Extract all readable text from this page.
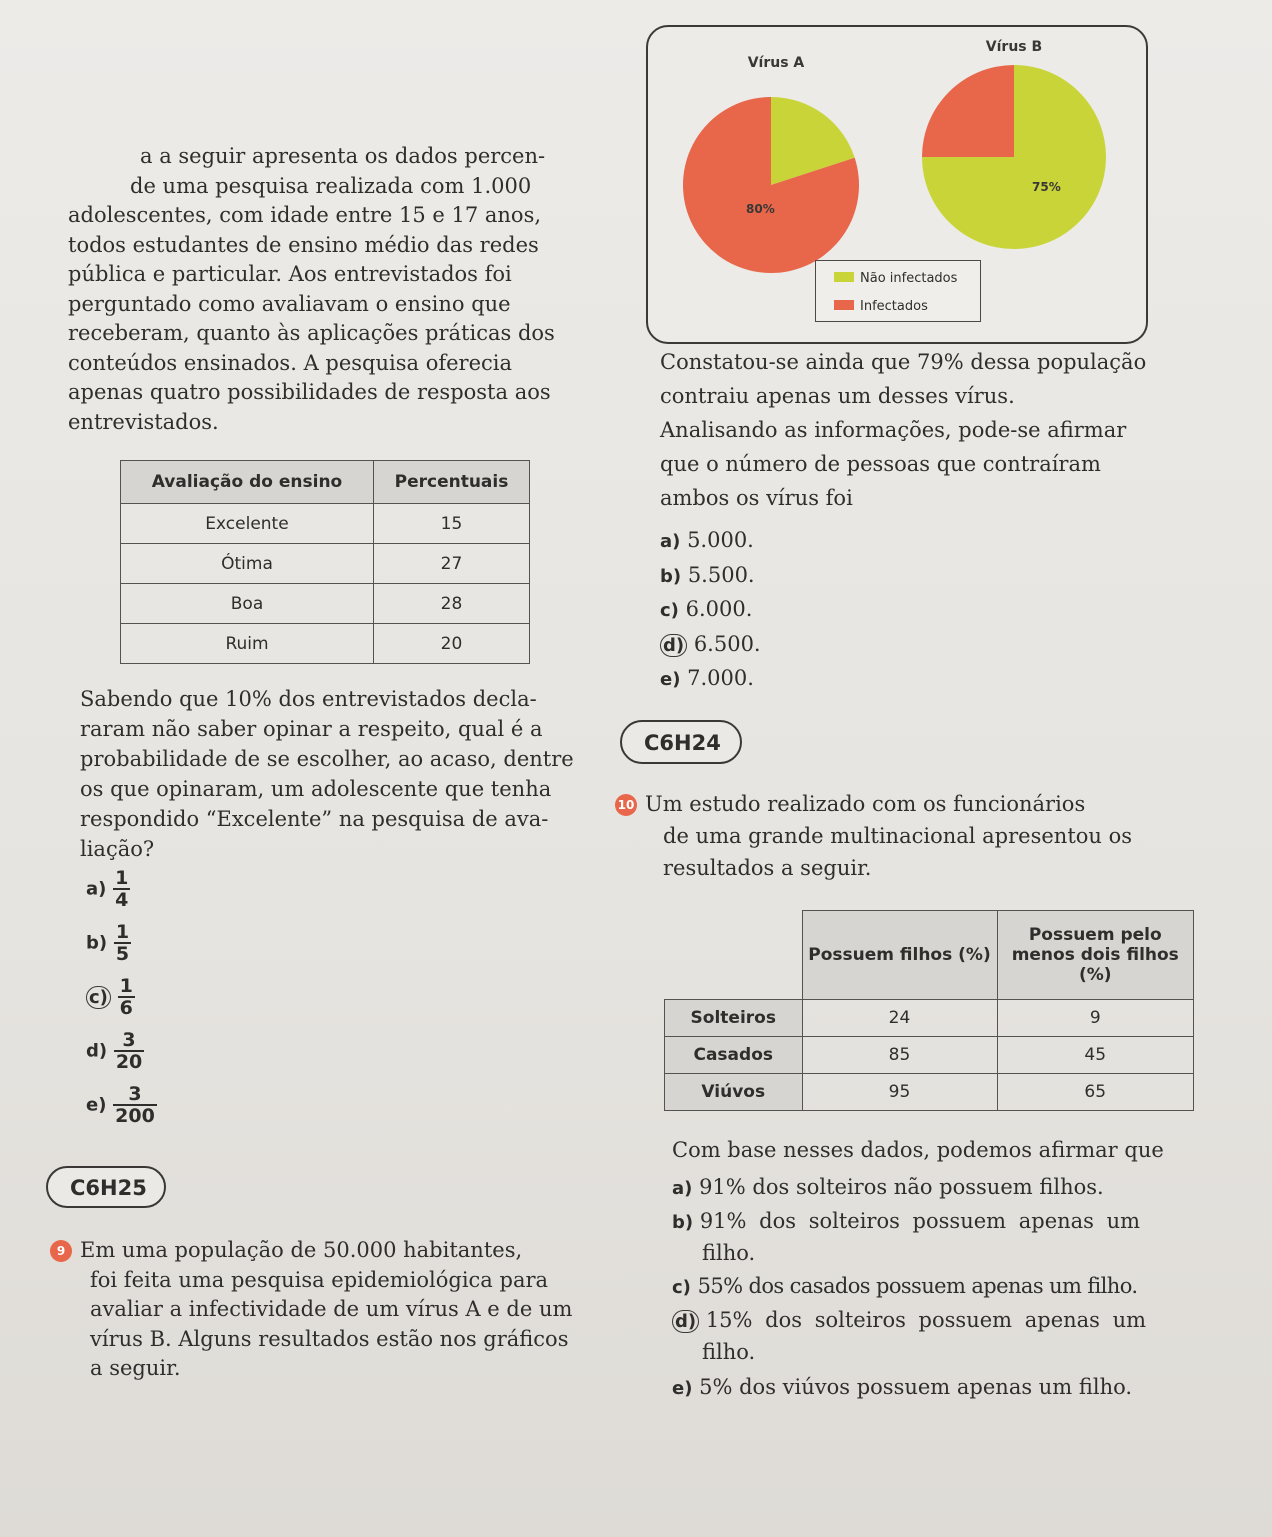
a a seguir apresenta os dados percen-
de uma pesquisa realizada com 1.000
adolescentes, com idade entre 15 e 17 anos,
todos estudantes de ensino médio das redes
pública e particular. Aos entrevistados foi
perguntado como avaliavam o ensino que
receberam, quanto às aplicações práticas dos
conteúdos ensinados. A pesquisa oferecia
apenas quatro possibilidades de resposta aos
entrevistados.
Avaliação do ensino	Percentuais
Excelente	15
Ótima	27
Boa	28
Ruim	20
Sabendo que 10% dos entrevistados decla-
raram não saber opinar a respeito, qual é a
probabilidade de se escolher, ao acaso, dentre
os que opinaram, um adolescente que tenha
respondido “Excelente” na pesquisa de ava-
liação?
$a) \frac{1}{4}$
$b) \frac{1}{5}$
$c) \frac{1}{6}$
$d) \frac{3}{20}$
$e) \frac{3}{200}$
C6H25
9 Em uma população de 50.000 habitantes,
foi feita uma pesquisa epidemiológica para
avaliar a infectividade de um vírus A e de um
vírus B. Alguns resultados estão nos gráficos
a seguir.
Vírus A
Vírus B
80%
75%
Não infectados
Infectados
Constatou-se ainda que 79% dessa população
contraiu apenas um desses vírus.
Analisando as informações, pode-se afirmar
que o número de pessoas que contraíram
ambos os vírus foi
a) 5.000.
b) 5.500.
c) 6.000.
d) 6.500.
e) 7.000.
C6H24
10 Um estudo realizado com os funcionários
de uma grande multinacional apresentou os
resultados a seguir.
	Possuem filhos (%)	Possuem pelo menos dois filhos (%)
Solteiros	24	9
Casados	85	45
Viúvos	95	65
Com base nesses dados, podemos afirmar que
a) 91% dos solteiros não possuem filhos.
b) 91% dos solteiros possuem apenas um filho.
c) 55% dos casados possuem apenas um filho.
d) 15% dos solteiros possuem apenas um filho.
e) 5% dos viúvos possuem apenas um filho.
